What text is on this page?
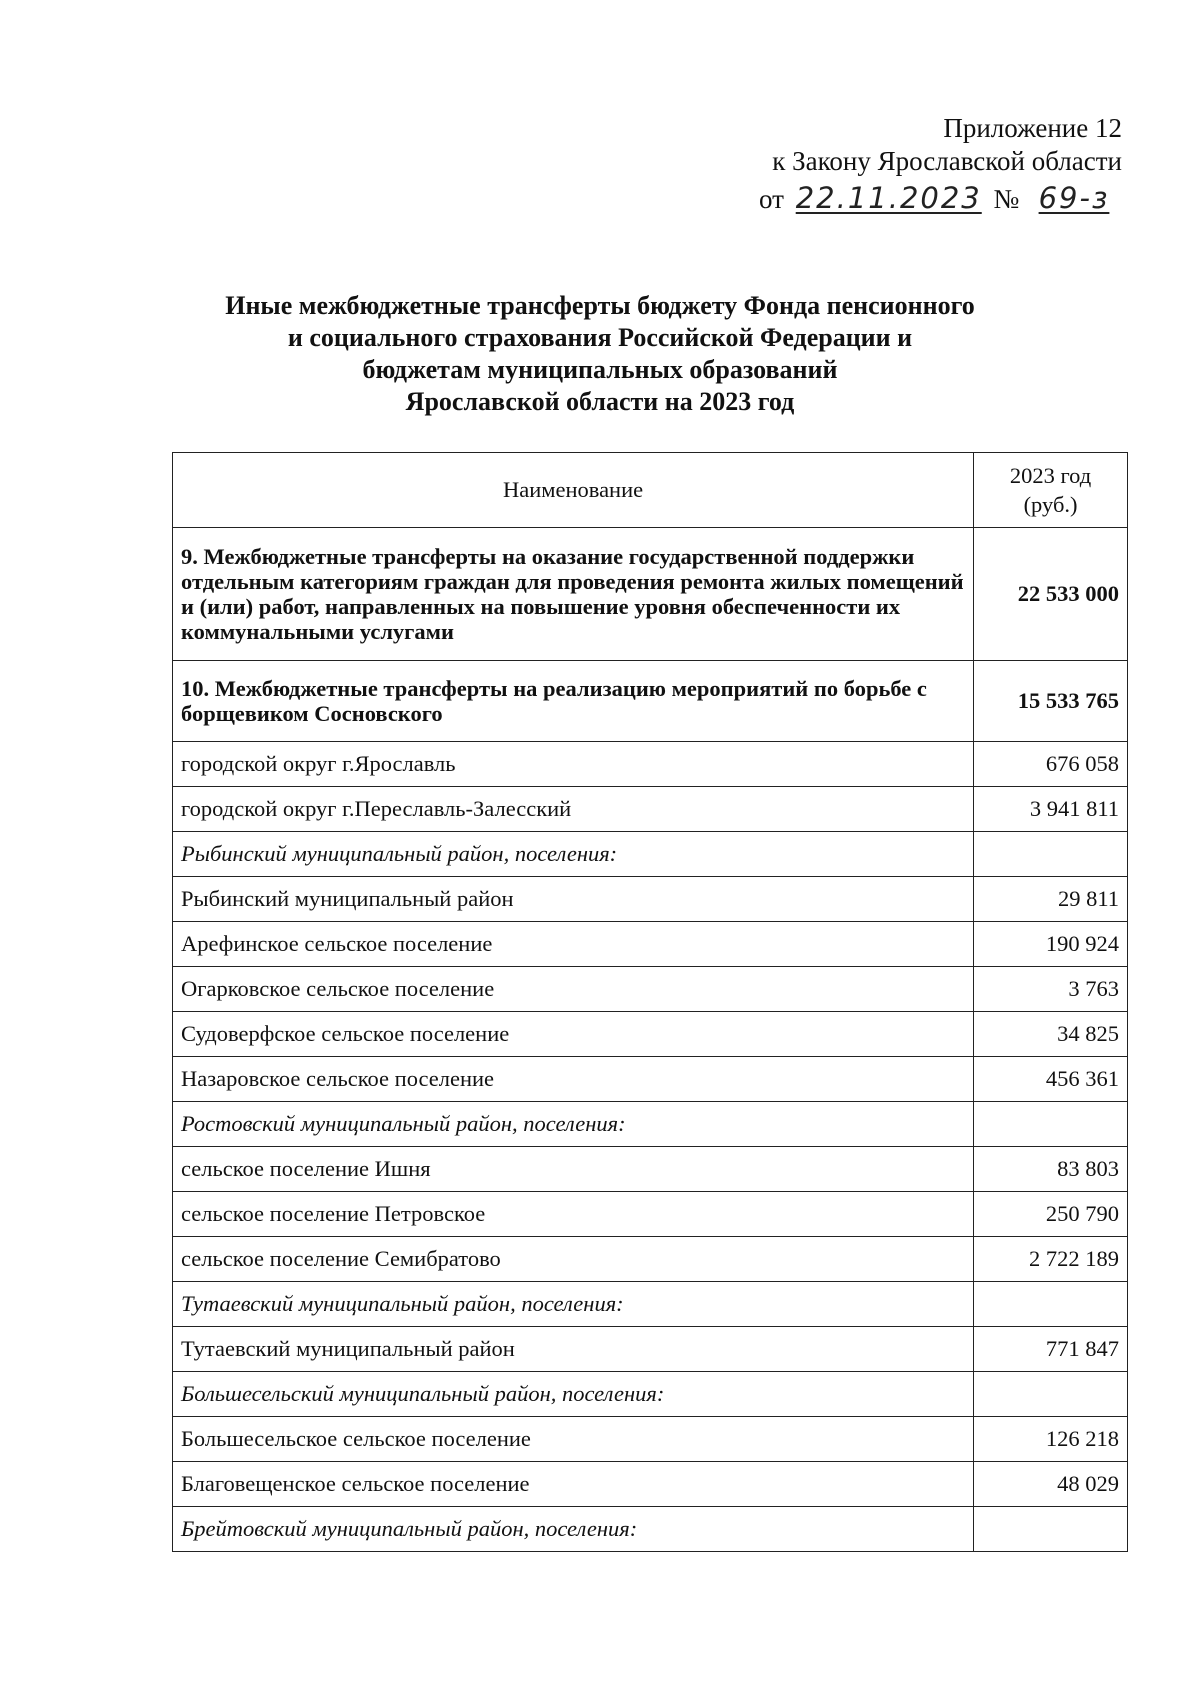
Приложение 12
к Закону Ярославской области
от 22.11.2023 № 69-з
Иные межбюджетные трансферты бюджету Фонда пенсионного
и социального страхования Российской Федерации и
бюджетам муниципальных образований
Ярославской области на 2023 год
Наименование	2023 год
(руб.)
9. Межбюджетные трансферты на оказание государственной поддержки отдельным категориям граждан для проведения ремонта жилых помещений и (или) работ, направленных на повышение уровня обеспеченности их коммунальными услугами	22 533 000
10. Межбюджетные трансферты на реализацию мероприятий по борьбе с борщевиком Сосновского	15 533 765
городской округ г.Ярославль	676 058
городской округ г.Переславль-Залесский	3 941 811
Рыбинский муниципальный район, поселения:	
Рыбинский муниципальный район	29 811
Арефинское сельское поселение	190 924
Огарковское сельское поселение	3 763
Судоверфское сельское поселение	34 825
Назаровское сельское поселение	456 361
Ростовский муниципальный район, поселения:	
сельское поселение Ишня	83 803
сельское поселение Петровское	250 790
сельское поселение Семибратово	2 722 189
Тутаевский муниципальный район, поселения:	
Тутаевский муниципальный район	771 847
Большесельский муниципальный район, поселения:	
Большесельское сельское поселение	126 218
Благовещенское сельское поселение	48 029
Брейтовский муниципальный район, поселения:	
